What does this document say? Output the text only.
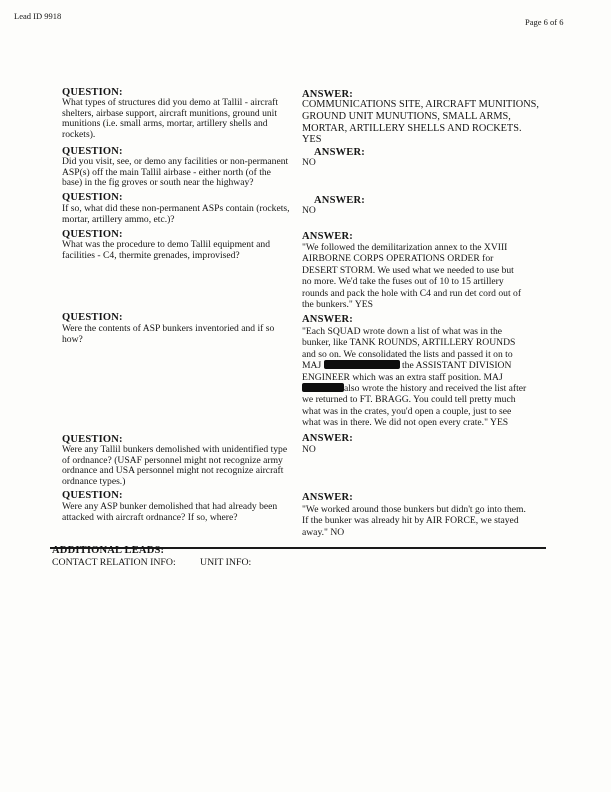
Lead ID 9918
Page 6 of 6
QUESTION:
What types of structures did you demo at Tallil - aircraft
shelters, airbase support, aircraft munitions, ground unit
munitions (i.e. small arms, mortar, artillery shells and
rockets).
ANSWER:
COMMUNICATIONS SITE, AIRCRAFT MUNITIONS,
GROUND UNIT MUNUTIONS, SMALL ARMS,
MORTAR, ARTILLERY SHELLS AND ROCKETS.
YES
QUESTION:
Did you visit, see, or demo any facilities or non-permanent
ASP(s) off the main Tallil airbase - either north (of the
base) in the fig groves or south near the highway?
ANSWER:
NO
QUESTION:
If so, what did these non-permanent ASPs contain (rockets,
mortar, artillery ammo, etc.)?
ANSWER:
NO
QUESTION:
What was the procedure to demo Tallil equipment and
facilities - C4, thermite grenades, improvised?
ANSWER:
"We followed the demilitarization annex to the XVIII
AIRBORNE CORPS OPERATIONS ORDER for
DESERT STORM. We used what we needed to use but
no more. We'd take the fuses out of 10 to 15 artillery
rounds and pack the hole with C4 and run det cord out of
the bunkers." YES
QUESTION:
Were the contents of ASP bunkers inventoried and if so
how?
ANSWER:
"Each SQUAD wrote down a list of what was in the
bunker, like TANK ROUNDS, ARTILLERY ROUNDS
and so on. We consolidated the lists and passed it on to
MAJ	the ASSISTANT DIVISION
ENGINEER which was an extra staff position. MAJ
also wrote the history and received the list after
we returned to FT. BRAGG. You could tell pretty much
what was in the crates, you'd open a couple, just to see
what was in there. We did not open every crate." YES
QUESTION:
Were any Tallil bunkers demolished with unidentified type
of ordnance? (USAF personnel might not recognize army
ordnance and USA personnel might not recognize aircraft
ordnance types.)
ANSWER:
NO
QUESTION:
Were any ASP bunker demolished that had already been
attacked with aircraft ordnance? If so, where?
ANSWER:
"We worked around those bunkers but didn't go into them.
If the bunker was already hit by AIR FORCE, we stayed
away." NO
ADDITIONAL LEADS:
CONTACT RELATION INFO: UNIT INFO:
